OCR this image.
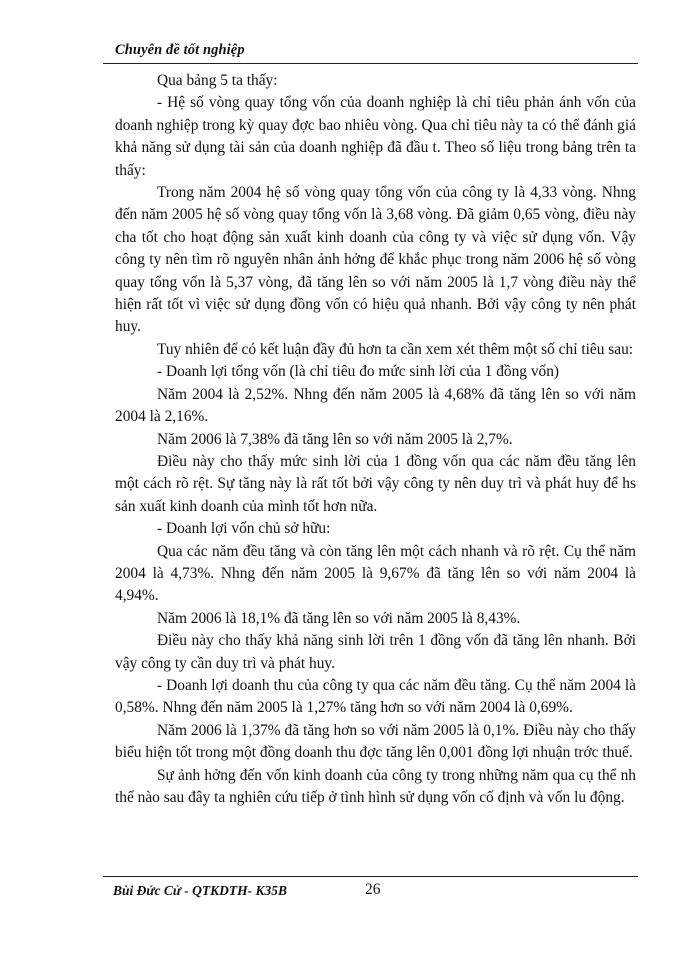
Chuyên đề tốt nghiệp

Qua bảng 5 ta thấy:

- Hệ số vòng quay tổng vốn của doanh nghiệp là chỉ tiêu phản ánh vốn của doanh nghiệp trong kỳ quay đợc bao nhiêu vòng. Qua chỉ tiêu này ta có thể đánh giá khả năng sử dụng tài sản của doanh nghiệp đã đầu t. Theo số liệu trong bảng trên ta thấy:

Trong năm 2004 hệ số vòng quay tổng vốn của công ty là 4,33 vòng. Nhng đến năm 2005 hệ số vòng quay tổng vốn là 3,68 vòng. Đã giảm 0,65 vòng, điều này cha tốt cho hoạt động sản xuất kinh doanh của công ty và việc sử dụng vốn. Vậy công ty nên tìm rõ nguyên nhân ảnh hởng để khắc phục trong năm 2006 hệ số vòng quay tổng vốn là 5,37 vòng, đã tăng lên so với năm 2005 là 1,7 vòng điều này thể hiện rất tốt vì việc sử dụng đồng vốn có hiệu quả nhanh. Bởi vậy công ty nên phát huy.

Tuy nhiên để có kết luận đầy đủ hơn ta cần xem xét thêm một số chỉ tiêu sau:

- Doanh lợi tổng vốn (là chỉ tiêu đo mức sinh lời của 1 đồng vốn)

Năm 2004 là 2,52%. Nhng đến năm 2005 là 4,68% đã tăng lên so với năm 2004 là 2,16%.

Năm 2006 là 7,38% đã tăng lên so với năm 2005 là 2,7%.

Điều này cho thấy mức sinh lời của 1 đồng vốn qua các năm đều tăng lên một cách rõ rệt. Sự tăng này là rất tốt bởi vậy công ty nên duy trì và phát huy để hs sản xuất kinh doanh của mình tốt hơn nữa.

- Doanh lợi vốn chủ sở hữu:

Qua các năm đều tăng và còn tăng lên một cách nhanh và rõ rệt. Cụ thể năm 2004 là 4,73%. Nhng đến năm 2005 là 9,67% đã tăng lên so với năm 2004 là 4,94%.

Năm 2006 là 18,1% đã tăng lên so với năm 2005 là 8,43%.

Điều này cho thấy khả năng sinh lời trên 1 đồng vốn đã tăng lên nhanh. Bởi vậy công ty cần duy trì và phát huy.

- Doanh lợi doanh thu của công ty qua các năm đều tăng. Cụ thể năm 2004 là 0,58%. Nhng đến năm 2005 là 1,27% tăng hơn so với năm 2004 là 0,69%.

Năm 2006 là 1,37% đã tăng hơn so với năm 2005 là 0,1%. Điều này cho thấy biểu hiện tốt trong một đồng doanh thu đợc tăng lên 0,001 đồng lợi nhuận trớc thuế.

Sự ảnh hởng đến vốn kinh doanh của công ty trong những năm qua cụ thể nh thế nào sau đây ta nghiên cứu tiếp ở tình hình sử dụng vốn cố định và vốn lu động.

Bùi Đức Cử - QTKDTH- K35B	26
